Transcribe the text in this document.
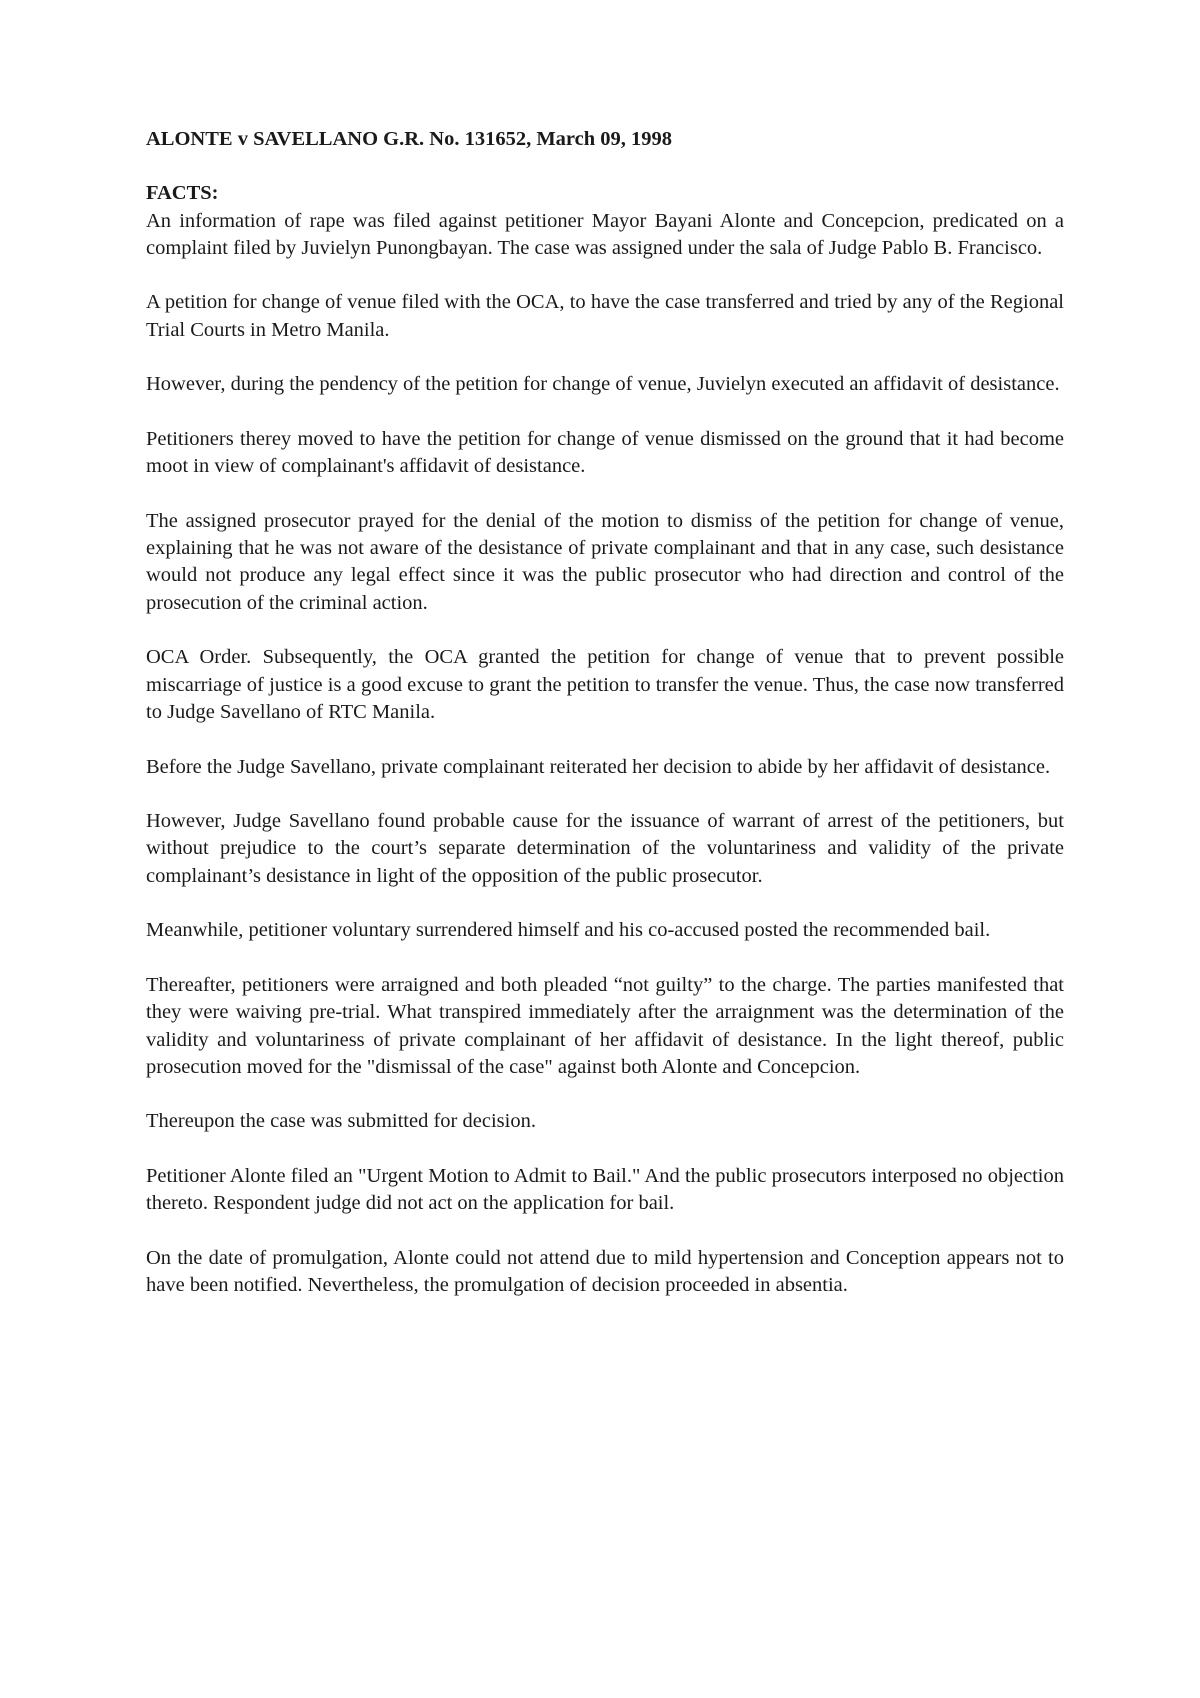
ALONTE v SAVELLANO G.R. No. 131652, March 09, 1998

FACTS:

An information of rape was filed against petitioner Mayor Bayani Alonte and Concepcion, predicated on a complaint filed by Juvielyn Punongbayan. The case was assigned under the sala of Judge Pablo B. Francisco.

A petition for change of venue filed with the OCA, to have the case transferred and tried by any of the Regional Trial Courts in Metro Manila.

However, during the pendency of the petition for change of venue, Juvielyn executed an affidavit of desistance.

Petitioners therey moved to have the petition for change of venue dismissed on the ground that it had become moot in view of complainant's affidavit of desistance.

The assigned prosecutor prayed for the denial of the motion to dismiss of the petition for change of venue, explaining that he was not aware of the desistance of private complainant and that in any case, such desistance would not produce any legal effect since it was the public prosecutor who had direction and control of the prosecution of the criminal action.

OCA Order. Subsequently, the OCA granted the petition for change of venue that to prevent possible miscarriage of justice is a good excuse to grant the petition to transfer the venue. Thus, the case now transferred to Judge Savellano of RTC Manila.

Before the Judge Savellano, private complainant reiterated her decision to abide by her affidavit of desistance.

However, Judge Savellano found probable cause for the issuance of warrant of arrest of the petitioners, but without prejudice to the court’s separate determination of the voluntariness and validity of the private complainant’s desistance in light of the opposition of the public prosecutor.

Meanwhile, petitioner voluntary surrendered himself and his co-accused posted the recommended bail.

Thereafter, petitioners were arraigned and both pleaded “not guilty” to the charge. The parties manifested that they were waiving pre-trial. What transpired immediately after the arraignment was the determination of the validity and voluntariness of private complainant of her affidavit of desistance. In the light thereof, public prosecution moved for the "dismissal of the case" against both Alonte and Concepcion.

Thereupon the case was submitted for decision.

Petitioner Alonte filed an "Urgent Motion to Admit to Bail." And the public prosecutors interposed no objection thereto. Respondent judge did not act on the application for bail.

On the date of promulgation, Alonte could not attend due to mild hypertension and Conception appears not to have been notified. Nevertheless, the promulgation of decision proceeded in absentia.
